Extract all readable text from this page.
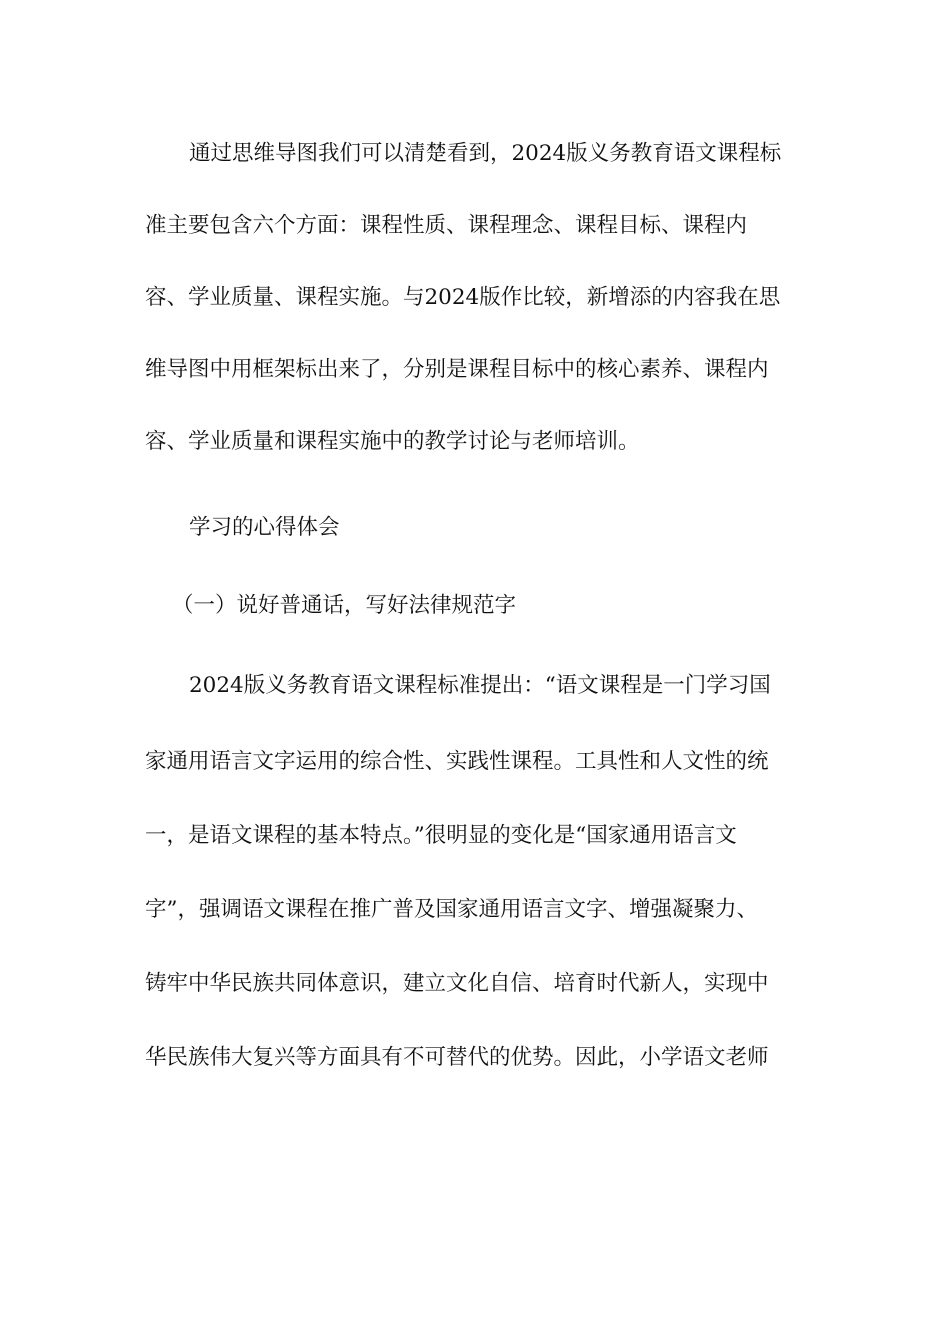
通过思维导图我们可以清楚看到，2024版义务教育语文课程标
准主要包含六个方面：课程性质、课程理念、课程目标、课程内
容、学业质量、课程实施。与2024版作比较，新增添的内容我在思
维导图中用框架标出来了，分别是课程目标中的核心素养、课程内
容、学业质量和课程实施中的教学讨论与老师培训。
学习的心得体会
（一）说好普通话，写好法律规范字
2024版义务教育语文课程标准提出：“语文课程是一门学习国
家通用语言文字运用的综合性、实践性课程。工具性和人文性的统
一，是语文课程的基本特点。”很明显的变化是“国家通用语言文
字”，强调语文课程在推广普及国家通用语言文字、增强凝聚力、
铸牢中华民族共同体意识，建立文化自信、培育时代新人，实现中
华民族伟大复兴等方面具有不可替代的优势。因此，小学语文老师
